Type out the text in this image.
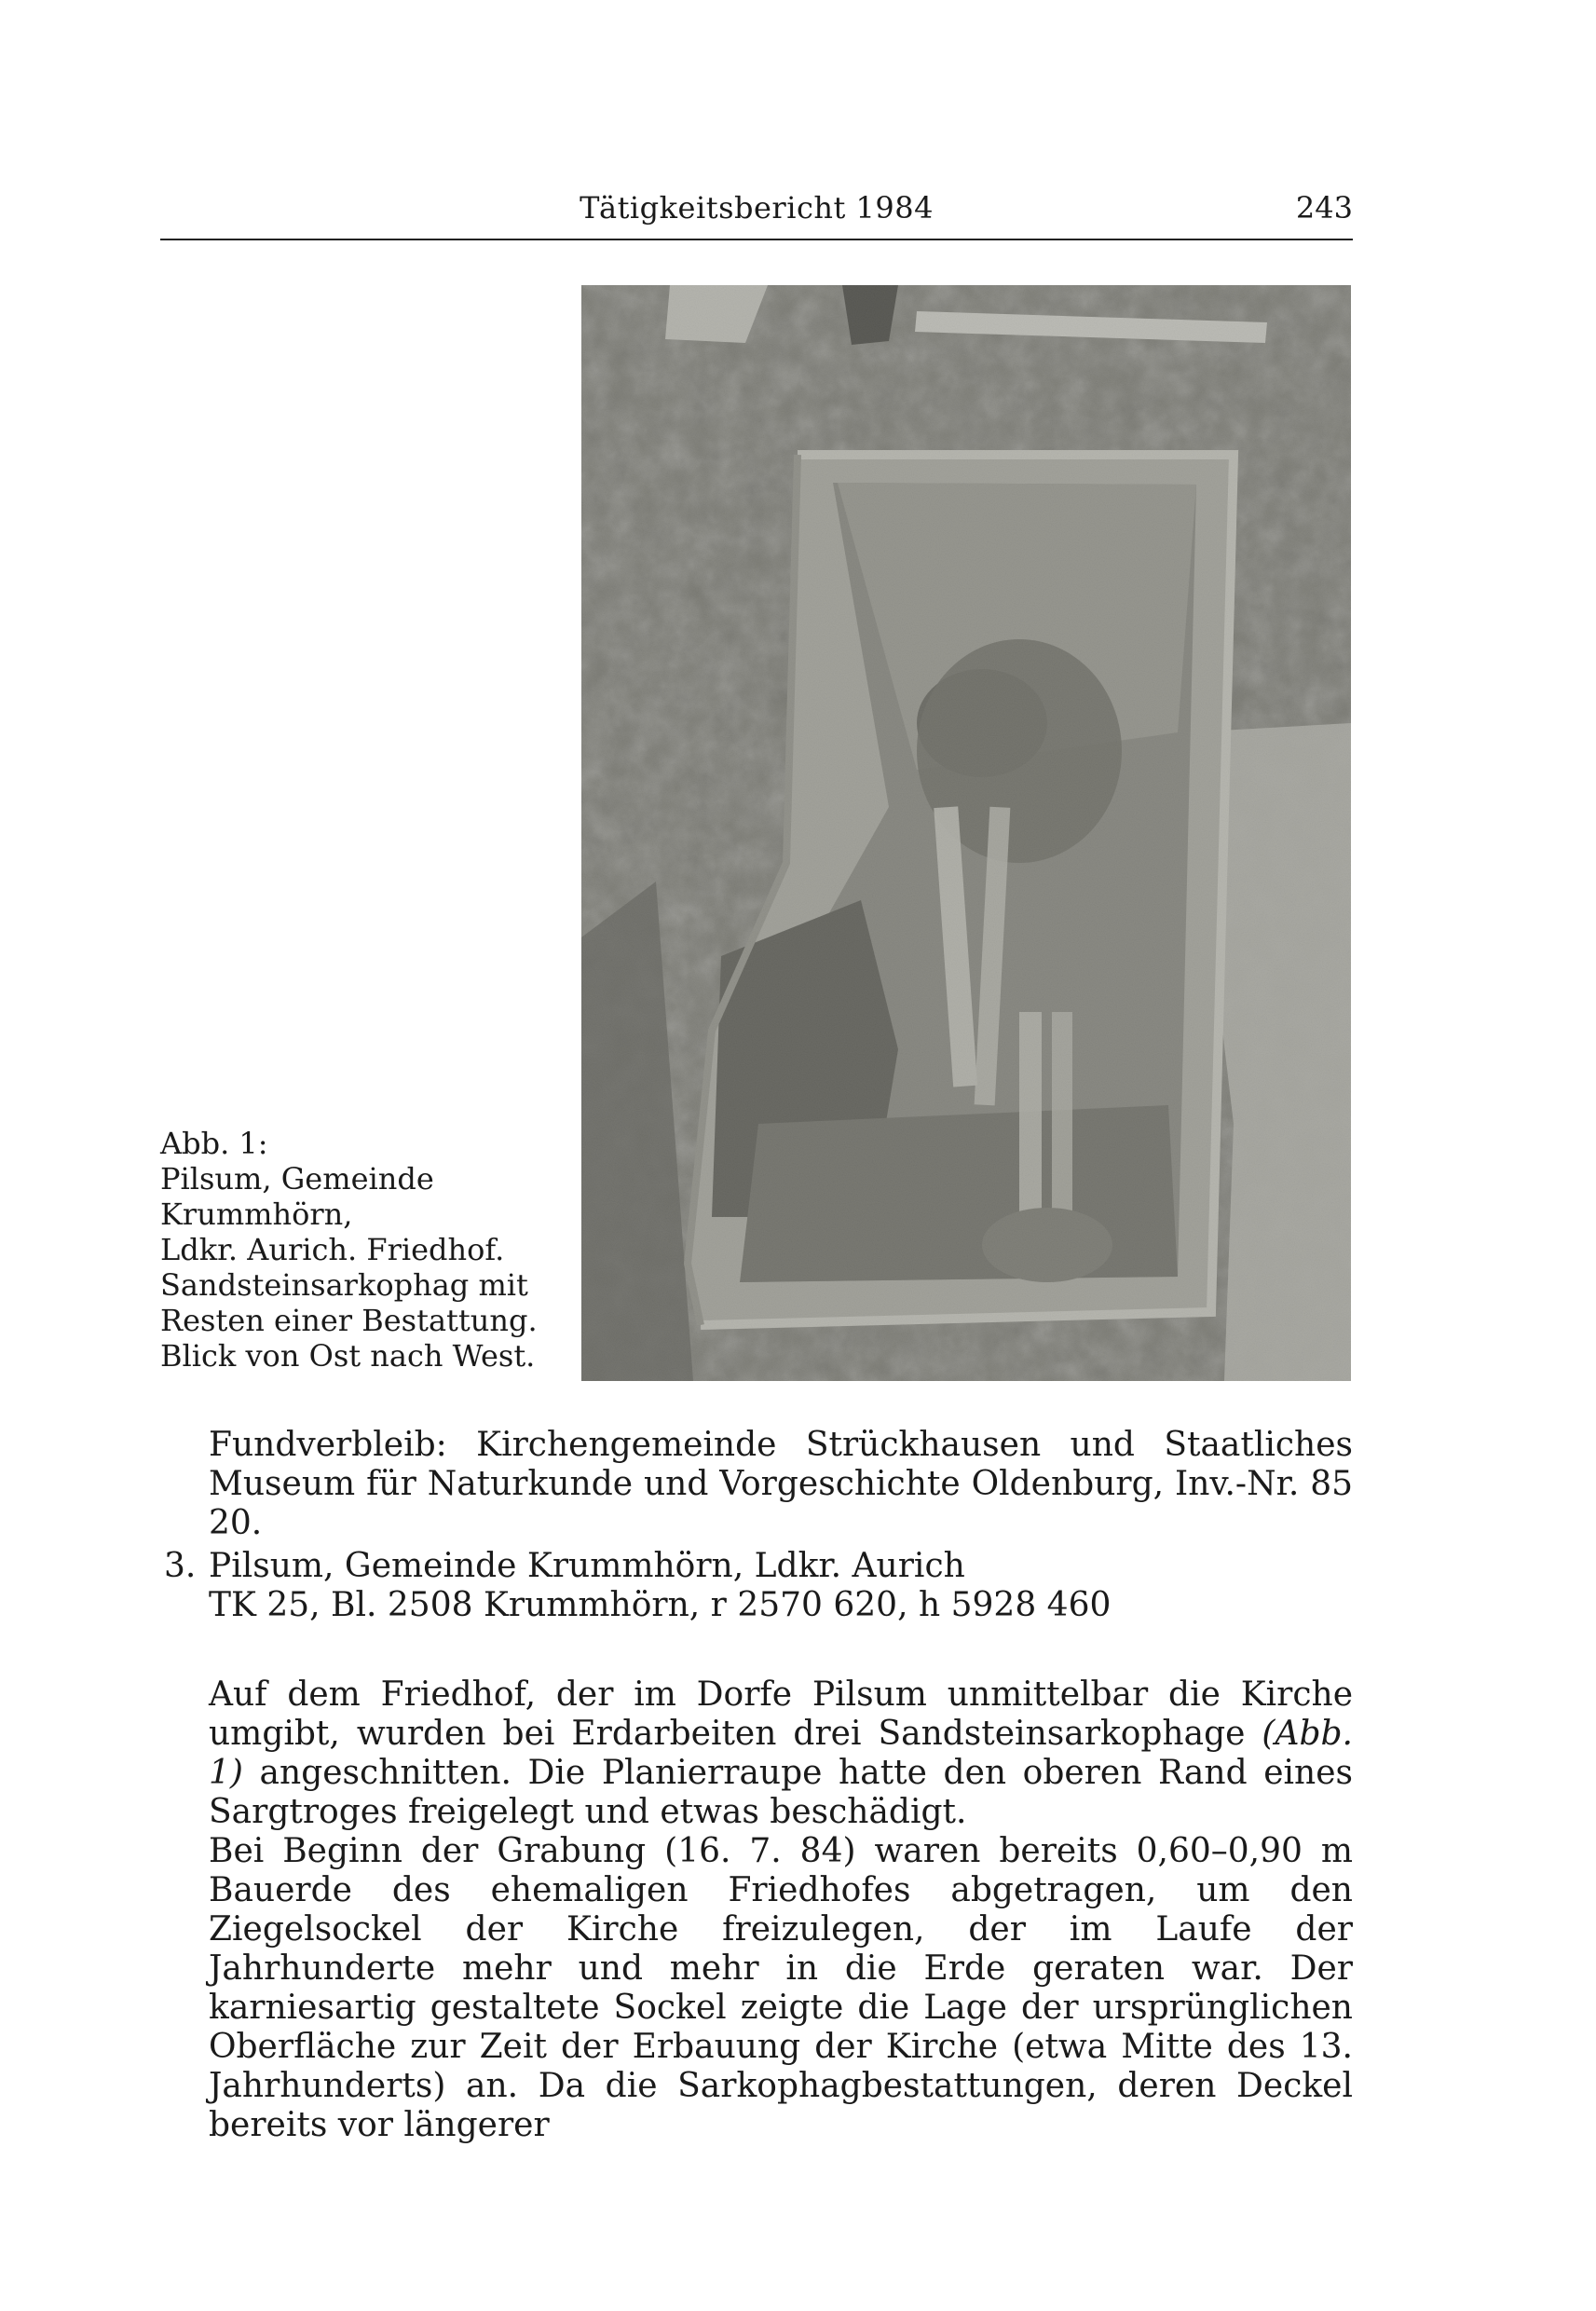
Tätigkeitsbericht 1984	243
Abb. 1:
Pilsum, Gemeinde
Krummhörn,
Ldkr. Aurich. Friedhof.
Sandsteinsarkophag mit
Resten einer Bestattung.
Blick von Ost nach West.
Fundverbleib: Kirchengemeinde Strückhausen und Staatliches Museum für Naturkunde und Vorgeschichte Oldenburg, Inv.-Nr. 85 20.
3. Pilsum, Gemeinde Krummhörn, Ldkr. Aurich
TK 25, Bl. 2508 Krummhörn, r 2570 620, h 5928 460
Auf dem Friedhof, der im Dorfe Pilsum unmittelbar die Kirche umgibt, wurden bei Erdarbeiten drei Sandsteinsarkophage (Abb. 1) angeschnitten. Die Planierraupe hatte den oberen Rand eines Sargtroges freigelegt und etwas beschädigt.
Bei Beginn der Grabung (16. 7. 84) waren bereits 0,60–0,90 m Bauerde des ehemaligen Friedhofes abgetragen, um den Ziegelsockel der Kirche freizulegen, der im Laufe der Jahrhunderte mehr und mehr in die Erde geraten war. Der karniesartig gestaltete Sockel zeigte die Lage der ursprünglichen Oberfläche zur Zeit der Erbauung der Kirche (etwa Mitte des 13. Jahrhunderts) an. Da die Sarkophagbestattungen, deren Deckel bereits vor längerer
